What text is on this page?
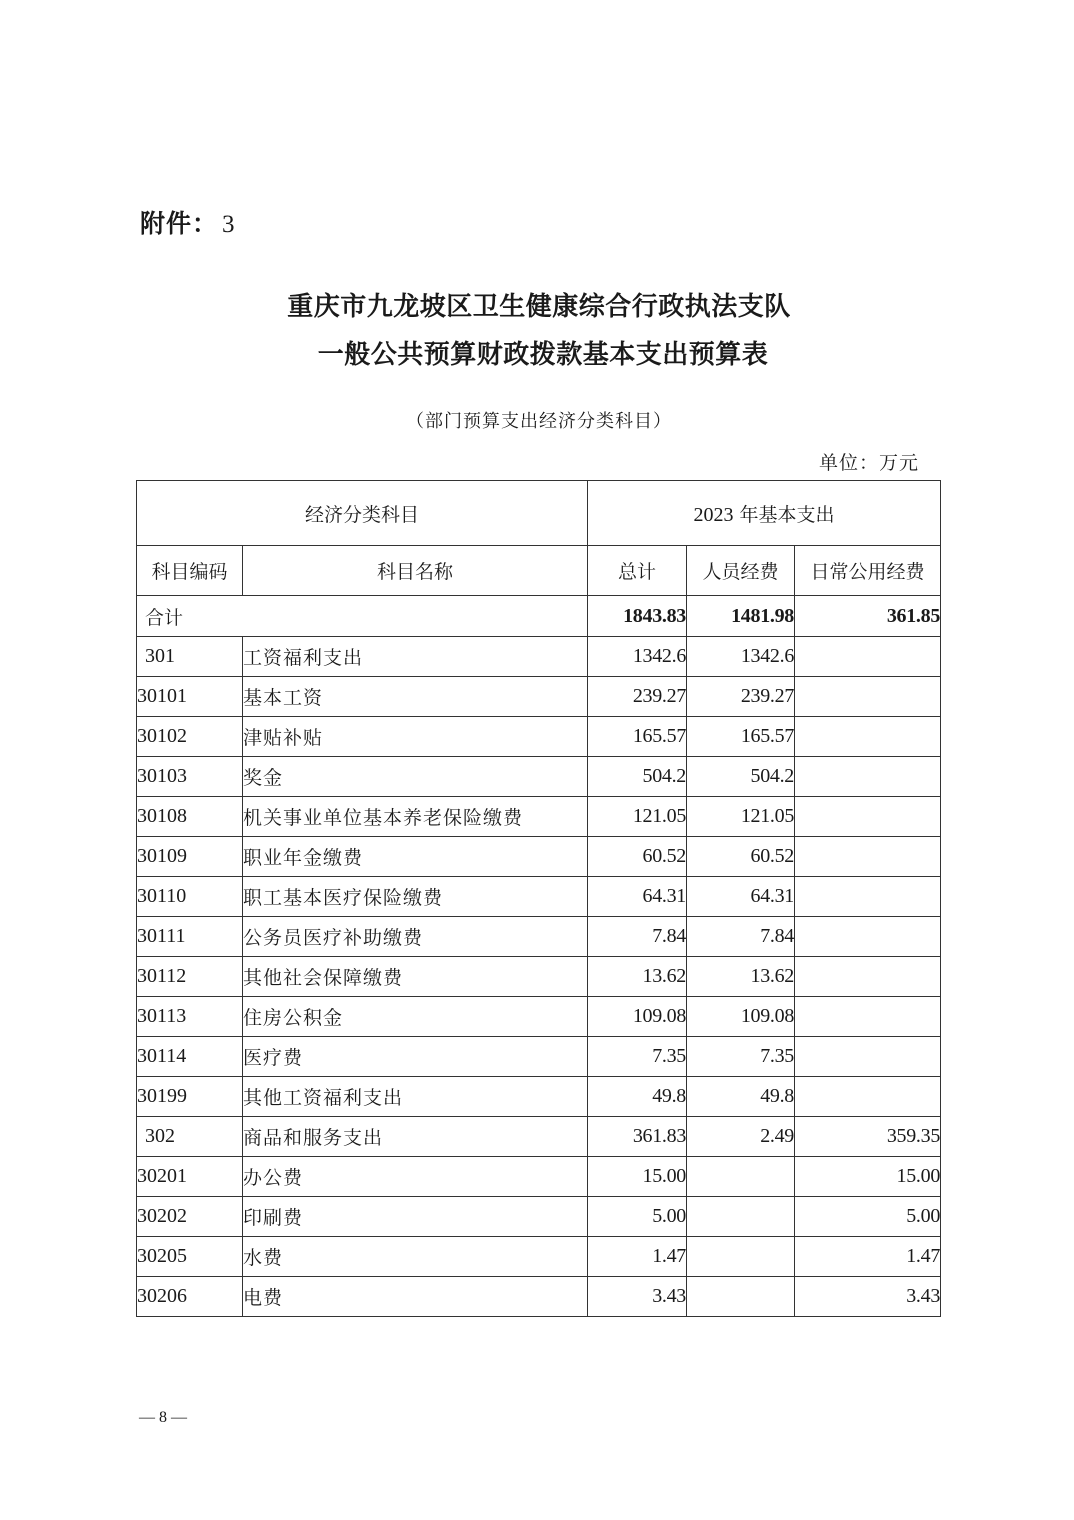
附件： 3
重庆市九龙坡区卫生健康综合行政执法支队
一般公共预算财政拨款基本支出预算表
（部门预算支出经济分类科目）
单位：万元
经济分类科目		2023 年基本支出		
科目编码	科目名称	总计	人员经费	日常公用经费
合计		1843.83	1481.98	361.85
301	工资福利支出	1342.6	1342.6	
30101	基本工资	239.27	239.27	
30102	津贴补贴	165.57	165.57	
30103	奖金	504.2	504.2	
30108	机关事业单位基本养老保险缴费	121.05	121.05	
30109	职业年金缴费	60.52	60.52	
30110	职工基本医疗保险缴费	64.31	64.31	
30111	公务员医疗补助缴费	7.84	7.84	
30112	其他社会保障缴费	13.62	13.62	
30113	住房公积金	109.08	109.08	
30114	医疗费	7.35	7.35	
30199	其他工资福利支出	49.8	49.8	
302	商品和服务支出	361.83	2.49	359.35
30201	办公费	15.00		15.00
30202	印刷费	5.00		5.00
30205	水费	1.47		1.47
30206	电费	3.43		3.43
— 8 —
